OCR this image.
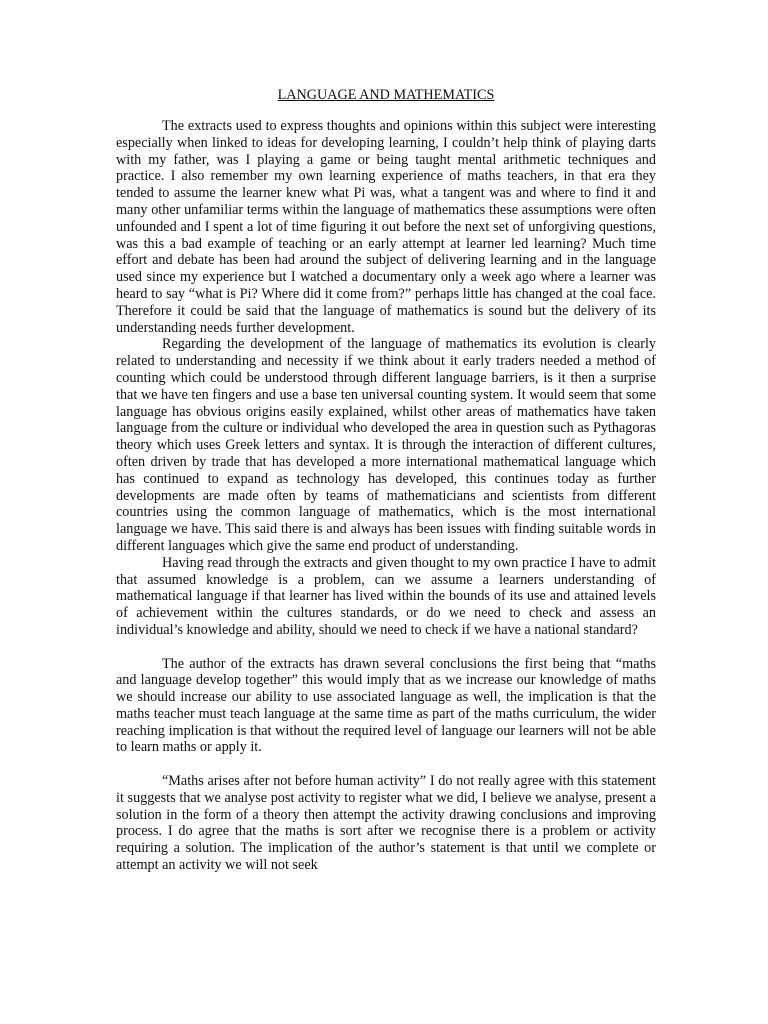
LANGUAGE AND MATHEMATICS

The extracts used to express thoughts and opinions within this subject were interesting especially when linked to ideas for developing learning, I couldn’t help think of playing darts with my father, was I playing a game or being taught mental arithmetic techniques and practice. I also remember my own learning experience of maths teachers, in that era they tended to assume the learner knew what Pi was, what a tangent was and where to find it and many other unfamiliar terms within the language of mathematics these assumptions were often unfounded and I spent a lot of time figuring it out before the next set of unforgiving questions, was this a bad example of teaching or an early attempt at learner led learning? Much time effort and debate has been had around the subject of delivering learning and in the language used since my experience but I watched a documentary only a week ago where a learner was heard to say “what is Pi? Where did it come from?” perhaps little has changed at the coal face. Therefore it could be said that the language of mathematics is sound but the delivery of its understanding needs further development.

Regarding the development of the language of mathematics its evolution is clearly related to understanding and necessity if we think about it early traders needed a method of counting which could be understood through different language barriers, is it then a surprise that we have ten fingers and use a base ten universal counting system. It would seem that some language has obvious origins easily explained, whilst other areas of mathematics have taken language from the culture or individual who developed the area in question such as Pythagoras theory which uses Greek letters and syntax. It is through the interaction of different cultures, often driven by trade that has developed a more international mathematical language which has continued to expand as technology has developed, this continues today as further developments are made often by teams of mathematicians and scientists from different countries using the common language of mathematics, which is the most international language we have. This said there is and always has been issues with finding suitable words in different languages which give the same end product of understanding.

Having read through the extracts and given thought to my own practice I have to admit that assumed knowledge is a problem, can we assume a learners understanding of mathematical language if that learner has lived within the bounds of its use and attained levels of achievement within the cultures standards, or do we need to check and assess an individual’s knowledge and ability, should we need to check if we have a national standard?

The author of the extracts has drawn several conclusions the first being that “maths and language develop together” this would imply that as we increase our knowledge of maths we should increase our ability to use associated language as well, the implication is that the maths teacher must teach language at the same time as part of the maths curriculum, the wider reaching implication is that without the required level of language our learners will not be able to learn maths or apply it.

“Maths arises after not before human activity” I do not really agree with this statement it suggests that we analyse post activity to register what we did, I believe we analyse, present a solution in the form of a theory then attempt the activity drawing conclusions and improving process. I do agree that the maths is sort after we recognise there is a problem or activity requiring a solution. The implication of the author’s statement is that until we complete or attempt an activity we will not seek
